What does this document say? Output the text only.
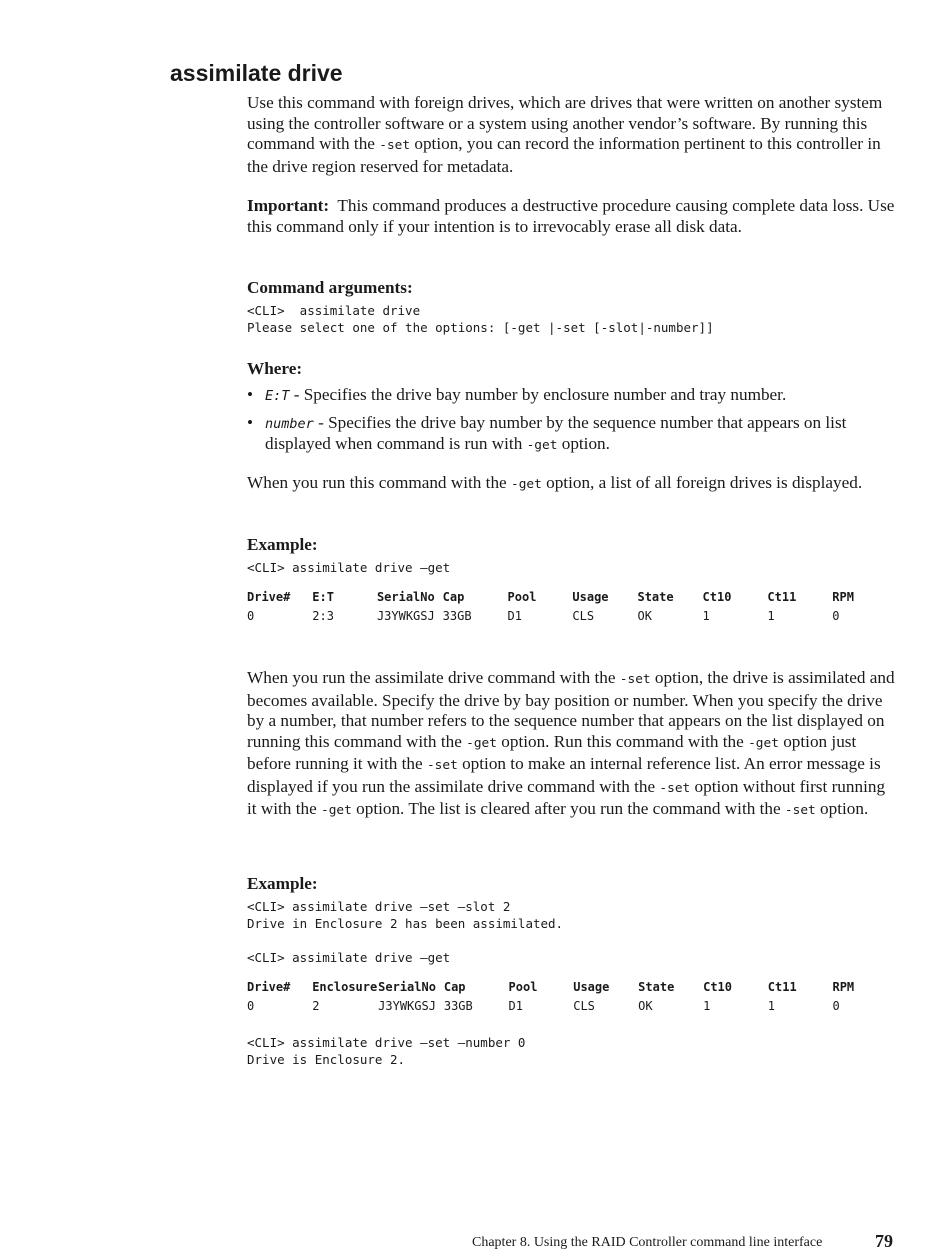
assimilate drive

Use this command with foreign drives, which are drives that were written on another system using the controller software or a system using another vendor’s software. By running this command with the -set option, you can record the information pertinent to this controller in the drive region reserved for metadata.

Important: This command produces a destructive procedure causing complete data loss. Use this command only if your intention is to irrevocably erase all disk data.

Command arguments:

<CLI>  assimilate drive
Please select one of the options: [-get |-set [-slot|-number]]

Where:

• E:T - Specifies the drive bay number by enclosure number and tray number.
• number - Specifies the drive bay number by the sequence number that appears on list displayed when command is run with -get option.

When you run this command with the -get option, a list of all foreign drives is displayed.

Example:

<CLI> assimilate drive –get
Drive#	E:T	SerialNo	Cap	Pool	Usage	State	Ct10	Ct11	RPM
0	2:3	J3YWKGSJ	33GB	D1	CLS	OK	1	1	0

When you run the assimilate drive command with the -set option, the drive is assimilated and becomes available. Specify the drive by bay position or number. When you specify the drive by a number, that number refers to the sequence number that appears on the list displayed on running this command with the -get option. Run this command with the -get option just before running it with the -set option to make an internal reference list. An error message is displayed if you run the assimilate drive command with the -set option without first running it with the -get option. The list is cleared after you run the command with the -set option.

Example:

<CLI> assimilate drive –set –slot 2
Drive in Enclosure 2 has been assimilated.
<CLI> assimilate drive –get
Drive#	Enclosure	SerialNo	Cap	Pool	Usage	State	Ct10	Ct11	RPM
0	2	J3YWKGSJ	33GB	D1	CLS	OK	1	1	0
<CLI> assimilate drive –set –number 0
Drive is Enclosure 2.
Chapter 8. Using the RAID Controller command line interface	79
